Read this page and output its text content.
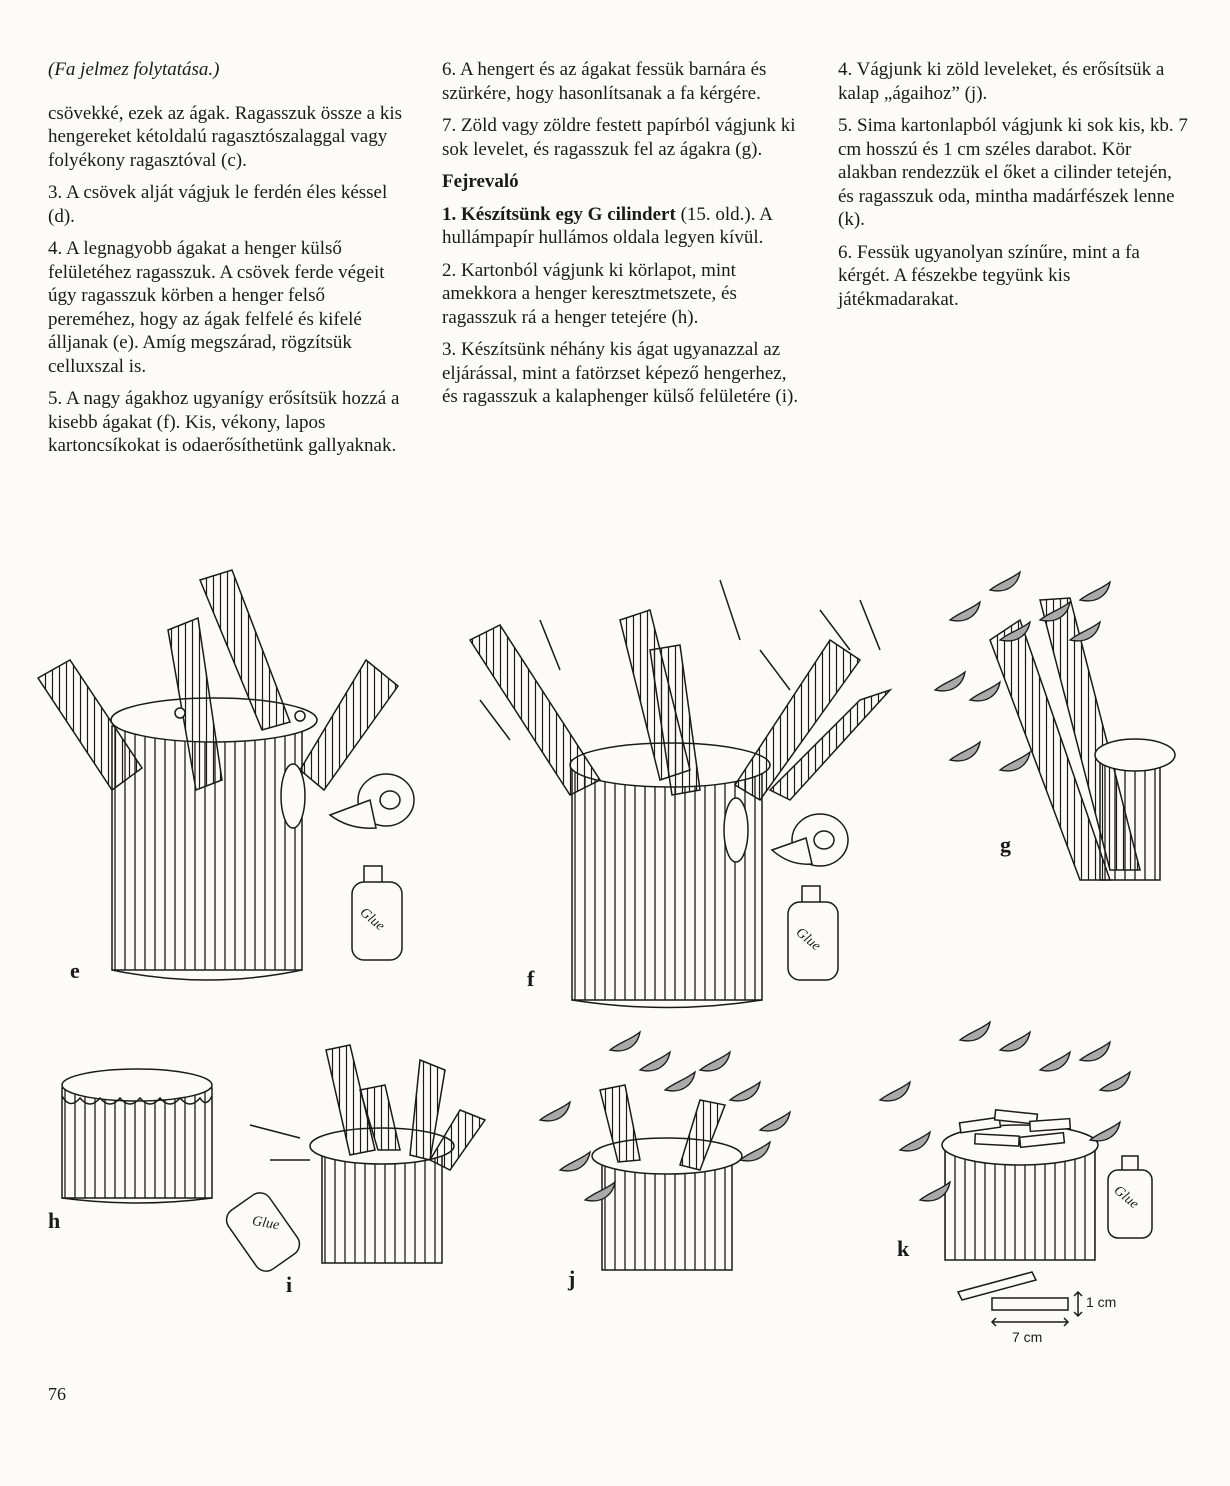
(Fa jelmez folytatása.)

csövekké, ezek az ágak. Ragasszuk össze a kis hengereket kétoldalú ragasztószalaggal vagy folyékony ragasztóval (c).

3. A csövek alját vágjuk le ferdén éles késsel (d).

4. A legnagyobb ágakat a henger külső felületéhez ragasszuk. A csövek ferde végeit úgy ragasszuk körben a henger felső pereméhez, hogy az ágak felfelé és kifelé álljanak (e). Amíg megszárad, rögzítsük celluxszal is.

5. A nagy ágakhoz ugyanígy erősítsük hozzá a kisebb ágakat (f). Kis, vékony, lapos kartoncsíkokat is odaerősíthetünk gallyaknak.

6. A hengert és az ágakat fessük barnára és szürkére, hogy hasonlítsanak a fa kérgére.

7. Zöld vagy zöldre festett papírból vágjunk ki sok levelet, és ragasszuk fel az ágakra (g).

Fejrevaló

1. Készítsünk egy G cilindert (15. old.). A hullámpapír hullámos oldala legyen kívül.

2. Kartonból vágjunk ki körlapot, mint amekkora a henger keresztmetszete, és ragasszuk rá a henger tetejére (h).

3. Készítsünk néhány kis ágat ugyanazzal az eljárással, mint a fatörzset képező hengerhez, és ragasszuk a kalaphenger külső felületére (i).

4. Vágjunk ki zöld leveleket, és erősítsük a kalap „ágaihoz” (j).

5. Sima kartonlapból vágjunk ki sok kis, kb. 7 cm hosszú és 1 cm széles darabot. Kör alakban rendezzük el őket a cilinder tetején, és ragasszuk oda, mintha madárfészek lenne (k).

6. Fessük ugyanolyan színűre, mint a fa kérgét. A fészekbe tegyünk kis játékmadarakat.

Glue
Glue
Glue
Glue
e	f
g
h
i	j
k
1 cm
7 cm
76
